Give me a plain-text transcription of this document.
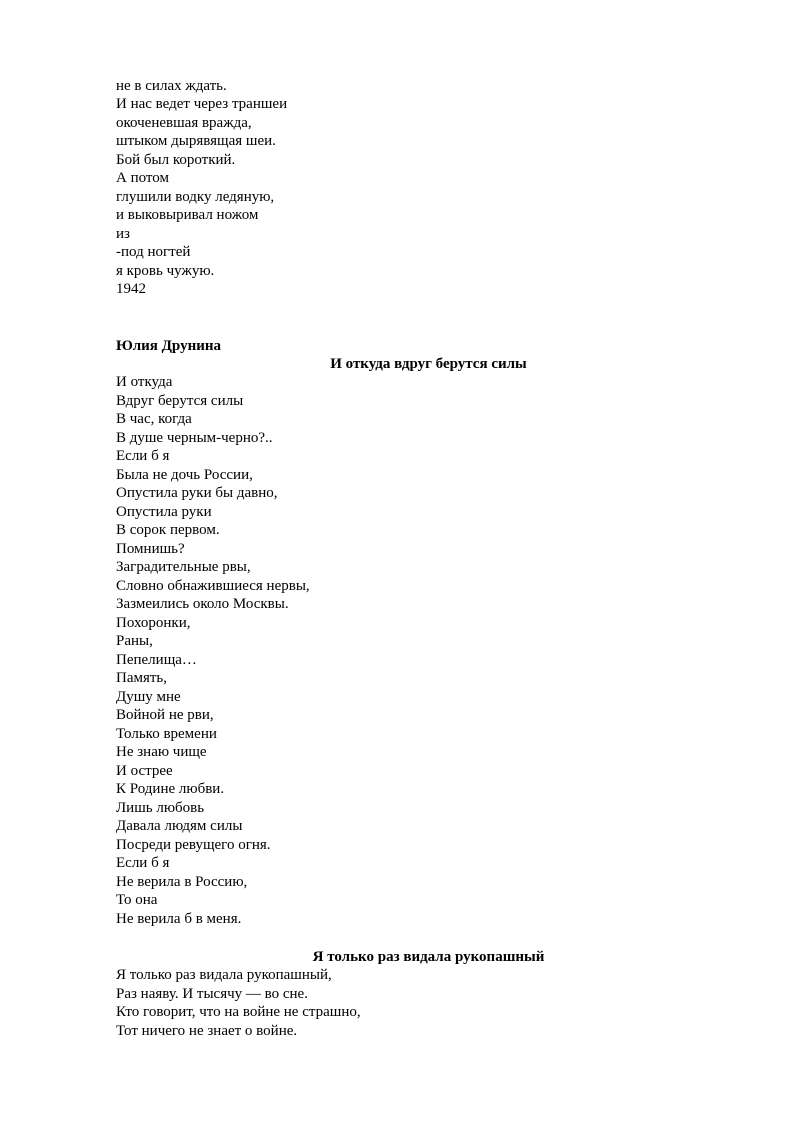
не в силах ждать.
И нас ведет через траншеи
окоченевшая вражда,
штыком дырявящая шеи.
Бой был короткий.
А потом
глушили водку ледяную,
и выковыривал ножом
из
-под ногтей
я кровь чужую.
1942
Юлия Друнина
И откуда вдруг берутся силы
И откуда
Вдруг берутся силы
В час, когда
В душе черным-черно?..
Если б я
Была не дочь России,
Опустила руки бы давно,
Опустила руки
В сорок первом.
Помнишь?
Заградительные рвы,
Словно обнажившиеся нервы,
Зазмеились около Москвы.
Похоронки,
Раны,
Пепелища…
Память,
Душу мне
Войной не рви,
Только времени
Не знаю чище
И острее
К Родине любви.
Лишь любовь
Давала людям силы
Посреди ревущего огня.
Если б я
Не верила в Россию,
То она
Не верила б в меня.
Я только раз видала рукопашный
Я только раз видала рукопашный,
Раз наяву. И тысячу — во сне.
Кто говорит, что на войне не страшно,
Тот ничего не знает о войне.
